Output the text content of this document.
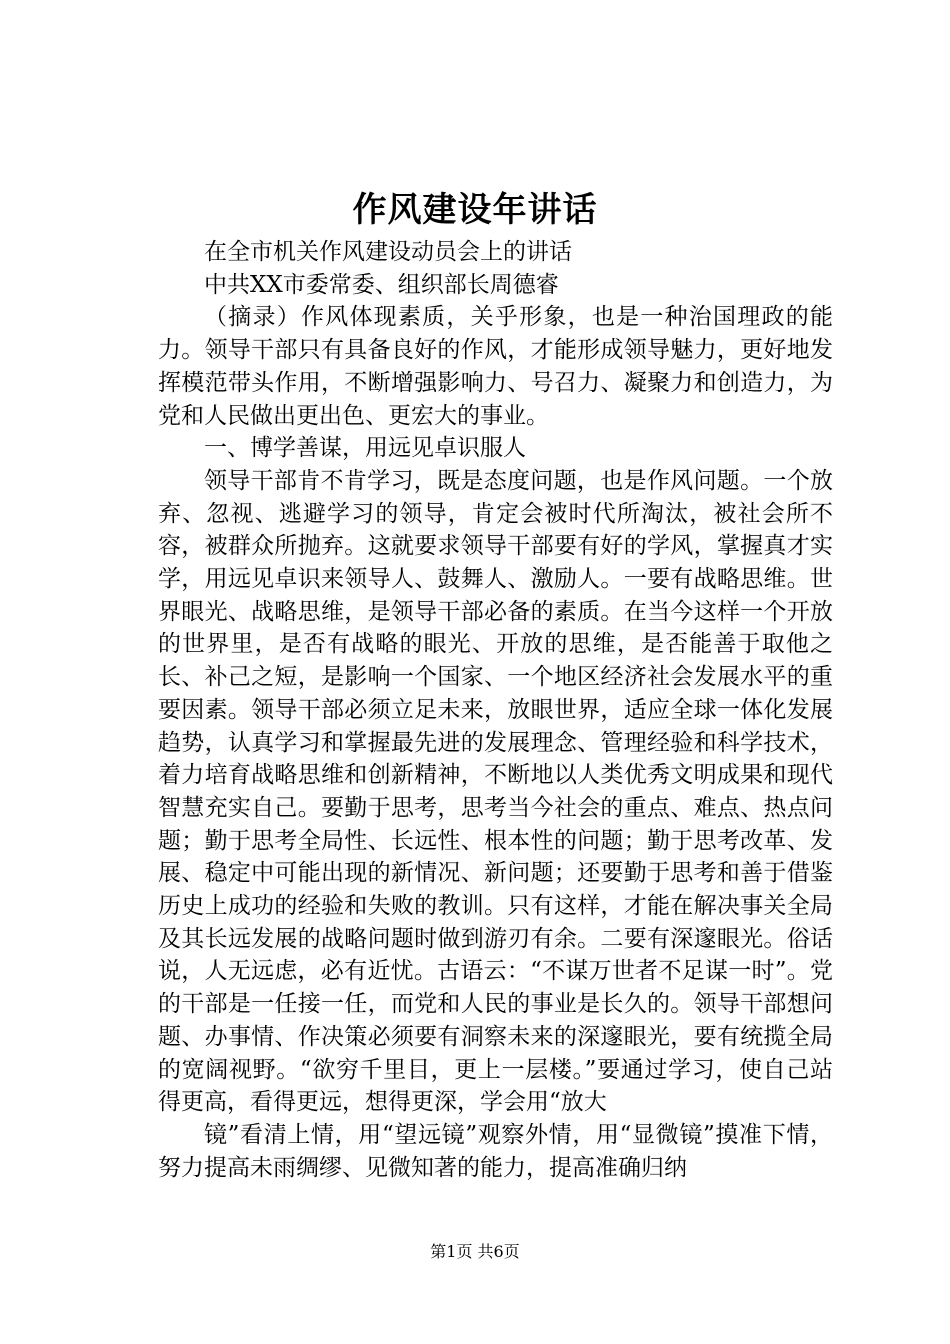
作风建设年讲话

在全市机关作风建设动员会上的讲话

中共XX市委常委、组织部长周德睿

（摘录）作风体现素质，关乎形象，也是一种治国理政的能力。领导干部只有具备良好的作风，才能形成领导魅力，更好地发挥模范带头作用，不断增强影响力、号召力、凝聚力和创造力，为党和人民做出更出色、更宏大的事业。

一、博学善谋，用远见卓识服人

领导干部肯不肯学习，既是态度问题，也是作风问题。一个放弃、忽视、逃避学习的领导，肯定会被时代所淘汰，被社会所不容，被群众所抛弃。这就要求领导干部要有好的学风，掌握真才实学，用远见卓识来领导人、鼓舞人、激励人。一要有战略思维。世界眼光、战略思维，是领导干部必备的素质。在当今这样一个开放的世界里，是否有战略的眼光、开放的思维，是否能善于取他之长、补己之短，是影响一个国家、一个地区经济社会发展水平的重要因素。领导干部必须立足未来，放眼世界，适应全球一体化发展趋势，认真学习和掌握最先进的发展理念、管理经验和科学技术，着力培育战略思维和创新精神，不断地以人类优秀文明成果和现代智慧充实自己。要勤于思考，思考当今社会的重点、难点、热点问题；勤于思考全局性、长远性、根本性的问题；勤于思考改革、发展、稳定中可能出现的新情况、新问题；还要勤于思考和善于借鉴历史上成功的经验和失败的教训。只有这样，才能在解决事关全局及其长远发展的战略问题时做到游刃有余。二要有深邃眼光。俗话说，人无远虑，必有近忧。古语云：“不谋万世者不足谋一时”。党的干部是一任接一任，而党和人民的事业是长久的。领导干部想问题、办事情、作决策必须要有洞察未来的深邃眼光，要有统揽全局的宽阔视野。“欲穷千里目，更上一层楼。”要通过学习，使自己站得更高，看得更远，想得更深，学会用“放大

镜”看清上情，用“望远镜”观察外情，用“显微镜”摸准下情，努力提高未雨绸缪、见微知著的能力，提高准确归纳

第1页 共6页
